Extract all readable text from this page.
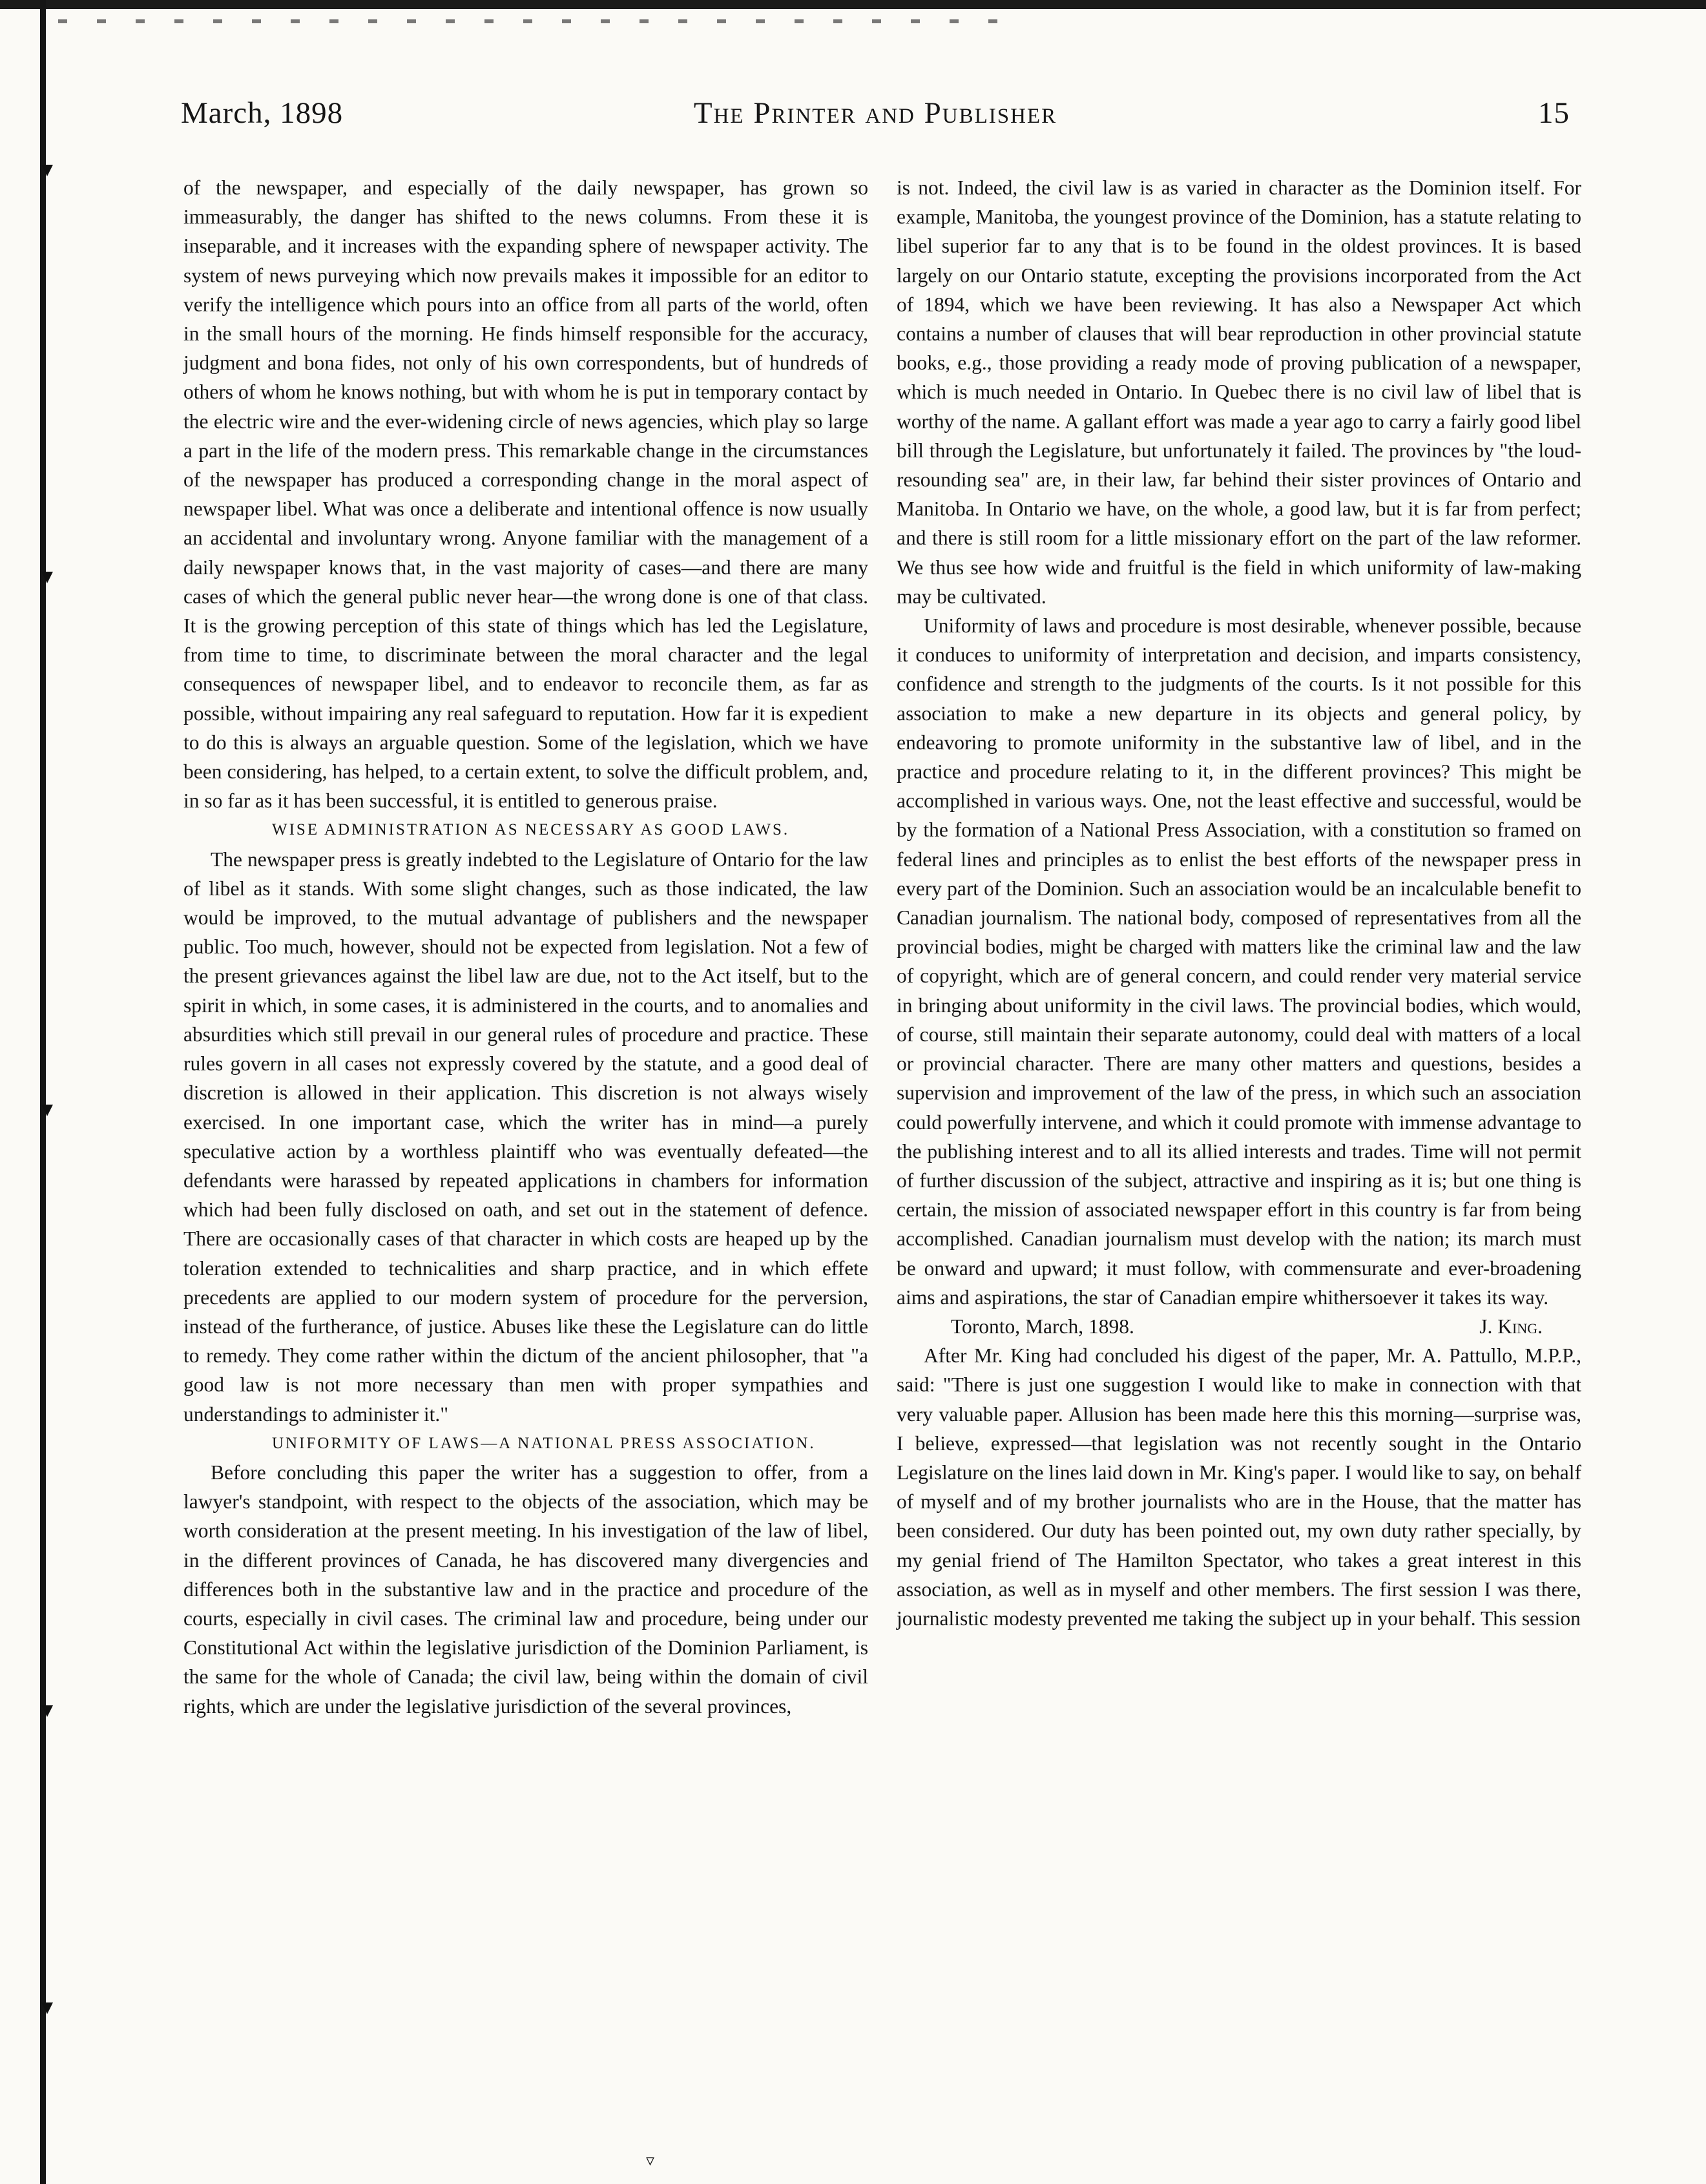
March, 1898	The Printer and Publisher	15

of the newspaper, and especially of the daily newspaper, has grown so immeasurably, the danger has shifted to the news columns. From these it is inseparable, and it increases with the expanding sphere of newspaper activity. The system of news purveying which now prevails makes it impossible for an editor to verify the intelligence which pours into an office from all parts of the world, often in the small hours of the morning. He finds himself responsible for the accuracy, judgment and bona fides, not only of his own correspondents, but of hundreds of others of whom he knows nothing, but with whom he is put in temporary contact by the electric wire and the ever-widening circle of news agencies, which play so large a part in the life of the modern press. This remarkable change in the circumstances of the newspaper has produced a corresponding change in the moral aspect of newspaper libel. What was once a deliberate and intentional offence is now usually an accidental and involuntary wrong. Anyone familiar with the management of a daily newspaper knows that, in the vast majority of cases—and there are many cases of which the general public never hear—the wrong done is one of that class. It is the growing perception of this state of things which has led the Legislature, from time to time, to discriminate between the moral character and the legal consequences of newspaper libel, and to endeavor to reconcile them, as far as possible, without impairing any real safeguard to reputation. How far it is expedient to do this is always an arguable question. Some of the legislation, which we have been considering, has helped, to a certain extent, to solve the difficult problem, and, in so far as it has been successful, it is entitled to generous praise.

WISE ADMINISTRATION AS NECESSARY AS GOOD LAWS.

The newspaper press is greatly indebted to the Legislature of Ontario for the law of libel as it stands. With some slight changes, such as those indicated, the law would be improved, to the mutual advantage of publishers and the newspaper public. Too much, however, should not be expected from legislation. Not a few of the present grievances against the libel law are due, not to the Act itself, but to the spirit in which, in some cases, it is administered in the courts, and to anomalies and absurdities which still prevail in our general rules of procedure and practice. These rules govern in all cases not expressly covered by the statute, and a good deal of discretion is allowed in their application. This discretion is not always wisely exercised. In one important case, which the writer has in mind—a purely speculative action by a worthless plaintiff who was eventually defeated—the defendants were harassed by repeated applications in chambers for information which had been fully disclosed on oath, and set out in the statement of defence. There are occasionally cases of that character in which costs are heaped up by the toleration extended to technicalities and sharp practice, and in which effete precedents are applied to our modern system of procedure for the perversion, instead of the furtherance, of justice. Abuses like these the Legislature can do little to remedy. They come rather within the dictum of the ancient philosopher, that "a good law is not more necessary than men with proper sympathies and understandings to administer it."

UNIFORMITY OF LAWS—A NATIONAL PRESS ASSOCIATION.

Before concluding this paper the writer has a suggestion to offer, from a lawyer's standpoint, with respect to the objects of the association, which may be worth consideration at the present meeting. In his investigation of the law of libel, in the different provinces of Canada, he has discovered many divergencies and differences both in the substantive law and in the practice and procedure of the courts, especially in civil cases. The criminal law and procedure, being under our Constitutional Act within the legislative jurisdiction of the Dominion Parliament, is the same for the whole of Canada; the civil law, being within the domain of civil rights, which are under the legislative jurisdiction of the several provinces,

is not. Indeed, the civil law is as varied in character as the Dominion itself. For example, Manitoba, the youngest province of the Dominion, has a statute relating to libel superior far to any that is to be found in the oldest provinces. It is based largely on our Ontario statute, excepting the provisions incorporated from the Act of 1894, which we have been reviewing. It has also a Newspaper Act which contains a number of clauses that will bear reproduction in other provincial statute books, e.g., those providing a ready mode of proving publication of a newspaper, which is much needed in Ontario. In Quebec there is no civil law of libel that is worthy of the name. A gallant effort was made a year ago to carry a fairly good libel bill through the Legislature, but unfortunately it failed. The provinces by "the loud-resounding sea" are, in their law, far behind their sister provinces of Ontario and Manitoba. In Ontario we have, on the whole, a good law, but it is far from perfect; and there is still room for a little missionary effort on the part of the law reformer. We thus see how wide and fruitful is the field in which uniformity of law-making may be cultivated.

Uniformity of laws and procedure is most desirable, whenever possible, because it conduces to uniformity of interpretation and decision, and imparts consistency, confidence and strength to the judgments of the courts. Is it not possible for this association to make a new departure in its objects and general policy, by endeavoring to promote uniformity in the substantive law of libel, and in the practice and procedure relating to it, in the different provinces? This might be accomplished in various ways. One, not the least effective and successful, would be by the formation of a National Press Association, with a constitution so framed on federal lines and principles as to enlist the best efforts of the newspaper press in every part of the Dominion. Such an association would be an incalculable benefit to Canadian journalism. The national body, composed of representatives from all the provincial bodies, might be charged with matters like the criminal law and the law of copyright, which are of general concern, and could render very material service in bringing about uniformity in the civil laws. The provincial bodies, which would, of course, still maintain their separate autonomy, could deal with matters of a local or provincial character. There are many other matters and questions, besides a supervision and improvement of the law of the press, in which such an association could powerfully intervene, and which it could promote with immense advantage to the publishing interest and to all its allied interests and trades. Time will not permit of further discussion of the subject, attractive and inspiring as it is; but one thing is certain, the mission of associated newspaper effort in this country is far from being accomplished. Canadian journalism must develop with the nation; its march must be onward and upward; it must follow, with commensurate and ever-broadening aims and aspirations, the star of Canadian empire whithersoever it takes its way.

Toronto, March, 1898.	J. King.

After Mr. King had concluded his digest of the paper, Mr. A. Pattullo, M.P.P., said: "There is just one suggestion I would like to make in connection with that very valuable paper. Allusion has been made here this this morning—surprise was, I believe, expressed—that legislation was not recently sought in the Ontario Legislature on the lines laid down in Mr. King's paper. I would like to say, on behalf of myself and of my brother journalists who are in the House, that the matter has been considered. Our duty has been pointed out, my own duty rather specially, by my genial friend of The Hamilton Spectator, who takes a great interest in this association, as well as in myself and other members. The first session I was there, journalistic modesty prevented me taking the subject up in your behalf. This session

▿
